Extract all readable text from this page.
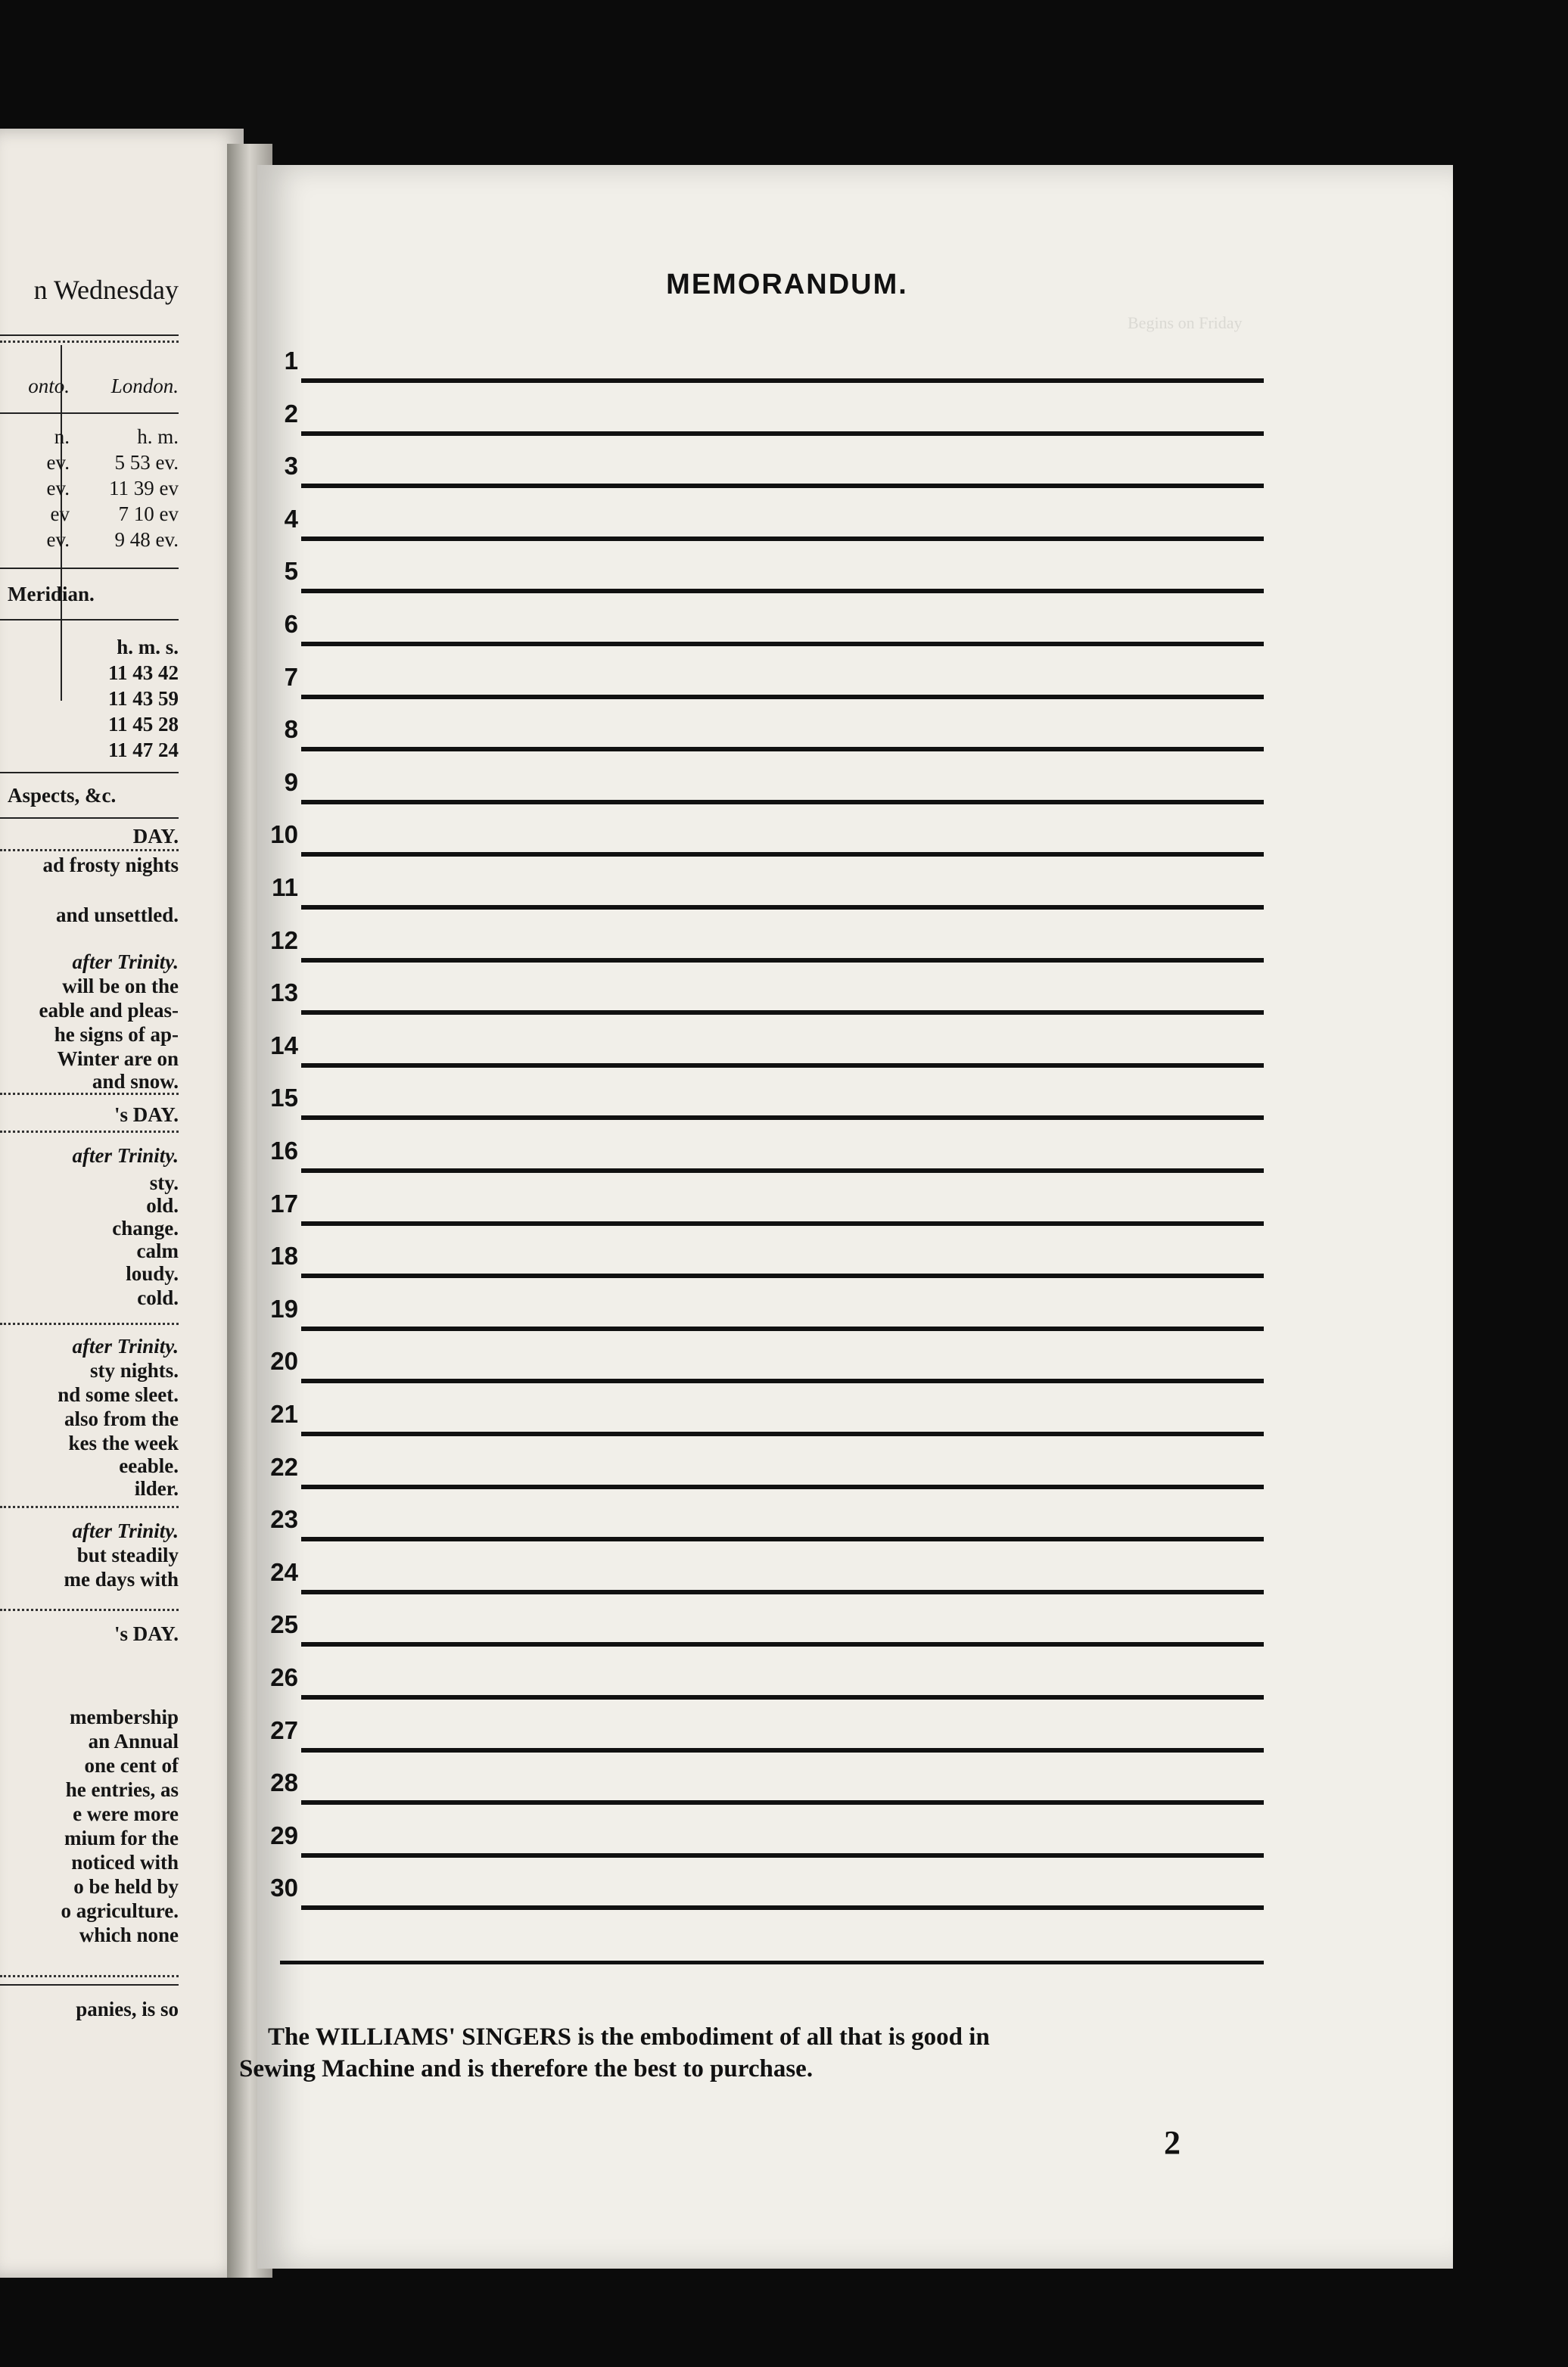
n Wednesday
onto. London.
n.	h. m.
ev. 5 53 ev.
ev. 11 39 ev
ev 7 10 ev
ev. 9 48 ev.
Meridian.
h. m. s.
11 43 42
11 43 59
11 45 28
11 47 24
Aspects, &c.
DAY.
ad frosty nights
and unsettled.
after Trinity.
will be on the
eable and pleas-
he signs of ap-
Winter are on
and snow.
's DAY.
after Trinity.
sty.
old.
change.
calm
loudy.
cold.
after Trinity.
sty nights.
nd some sleet.
also from the
kes the week
eeable.
ilder.
after Trinity.
but steadily
me days with
's DAY.
membership
an Annual
one cent of
he entries, as
e were more
mium for the
noticed with
o be held by
o agriculture.
which none
panies, is so
Begins on Friday
MEMORANDUM.
1
2
3
4
5
6
7
8
9
10
11
12
13
14
15
16
17
18
19
20
21
22
23
24
25
26
27
28
29
30
The WILLIAMS' SINGERS is the embodiment of all that is good in
Sewing Machine and is therefore the best to purchase.
2
